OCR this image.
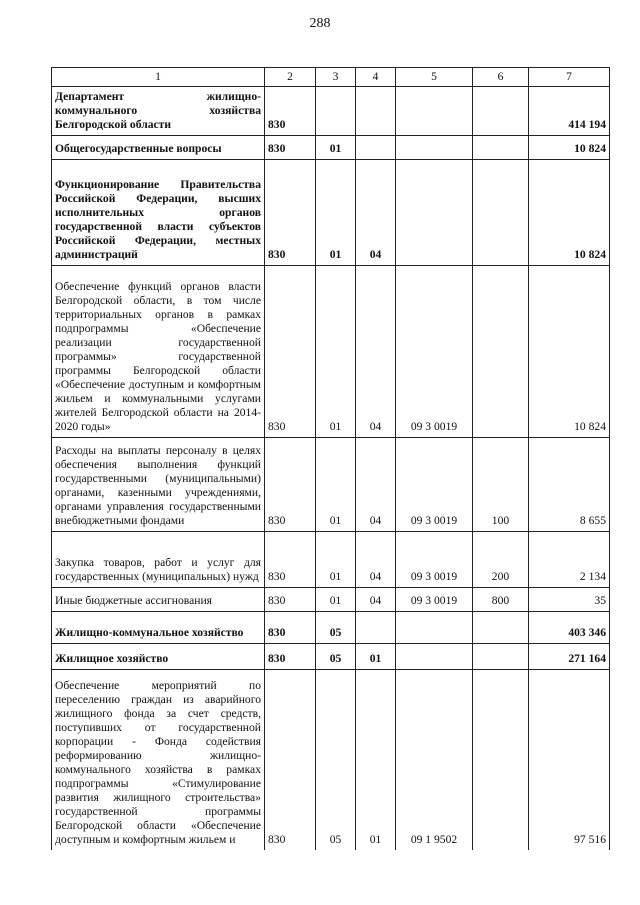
288
1	2	3	4	5	6	7
Департамент жилищно-коммунального хозяйства Белгородской области	830					414 194
Общегосударственные вопросы	830	01				10 824
Функционирование Правительства Российской Федерации, высших исполнительных органов государственной власти субъектов Российской Федерации, местных администраций	830	01	04			10 824
Обеспечение функций органов власти Белгородской области, в том числе территориальных органов в рамках подпрограммы «Обеспечение реализации государственной программы» государственной программы Белгородской области «Обеспечение доступным и комфортным жильем и коммунальными услугами жителей Белгородской области на 2014-2020 годы»	830	01	04	09 3 0019		10 824
Расходы на выплаты персоналу в целях обеспечения выполнения функций государственными (муниципальными) органами, казенными учреждениями, органами управления государственными внебюджетными фондами	830	01	04	09 3 0019	100	8 655
Закупка товаров, работ и услуг для государственных (муниципальных) нужд	830	01	04	09 3 0019	200	2 134
Иные бюджетные ассигнования	830	01	04	09 3 0019	800	35
Жилищно-коммунальное хозяйство	830	05				403 346
Жилищное хозяйство	830	05	01			271 164
Обеспечение мероприятий по переселению граждан из аварийного жилищного фонда за счет средств, поступивших от государственной корпорации - Фонда содействия реформированию жилищно-коммунального хозяйства в рамках подпрограммы «Стимулирование развития жилищного строительства» государственной программы Белгородской области «Обеспечение доступным и комфортным жильем и	830	05	01	09 1 9502		97 516
